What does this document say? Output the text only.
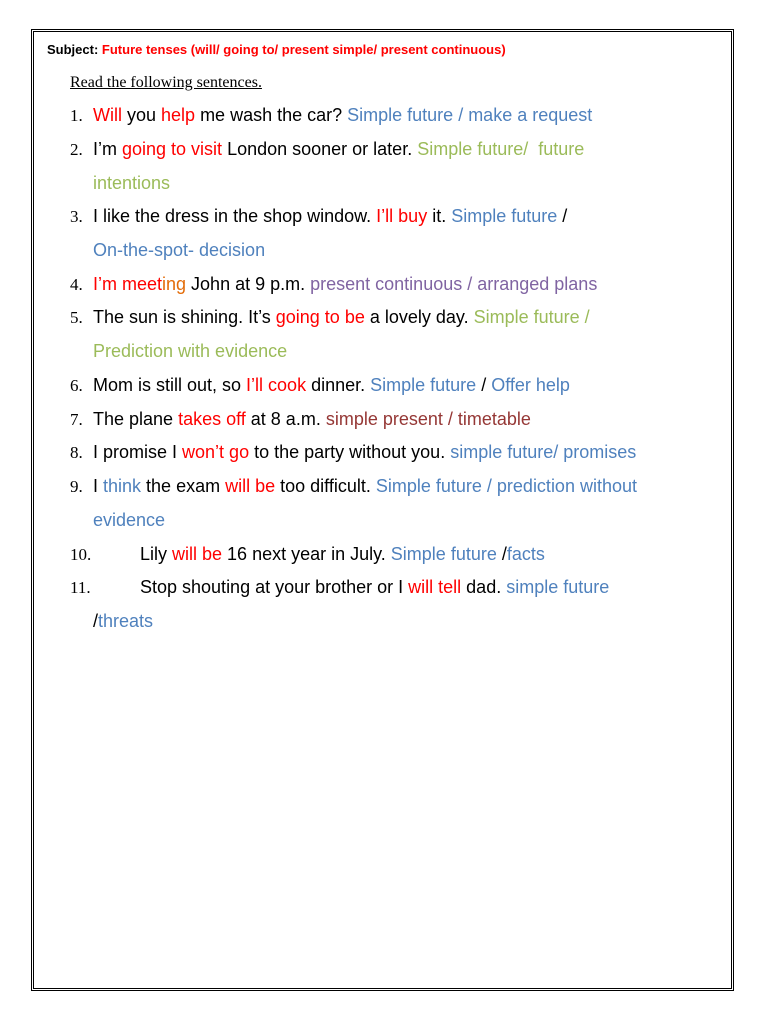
Subject: Future tenses (will/ going to/ present simple/ present continuous)
Read the following sentences.
1. Will you help me wash the car? Simple future / make a request
2. I’m going to visit London sooner or later. Simple future/  future
intentions
3. I like the dress in the shop window. I’ll buy it. Simple future /
On-the-spot- decision
4. I’m meeting John at 9 p.m. present continuous / arranged plans
5. The sun is shining. It’s going to be a lovely day. Simple future /
Prediction with evidence
6. Mom is still out, so I’ll cook dinner. Simple future / Offer help
7. The plane takes off at 8 a.m. simple present / timetable
8. I promise I won’t go to the party without you. simple future/ promises
9. I think the exam will be too difficult. Simple future / prediction without
evidence
10.	Lily will be 16 next year in July. Simple future /facts
11.	Stop shouting at your brother or I will tell dad. simple future
/threats
